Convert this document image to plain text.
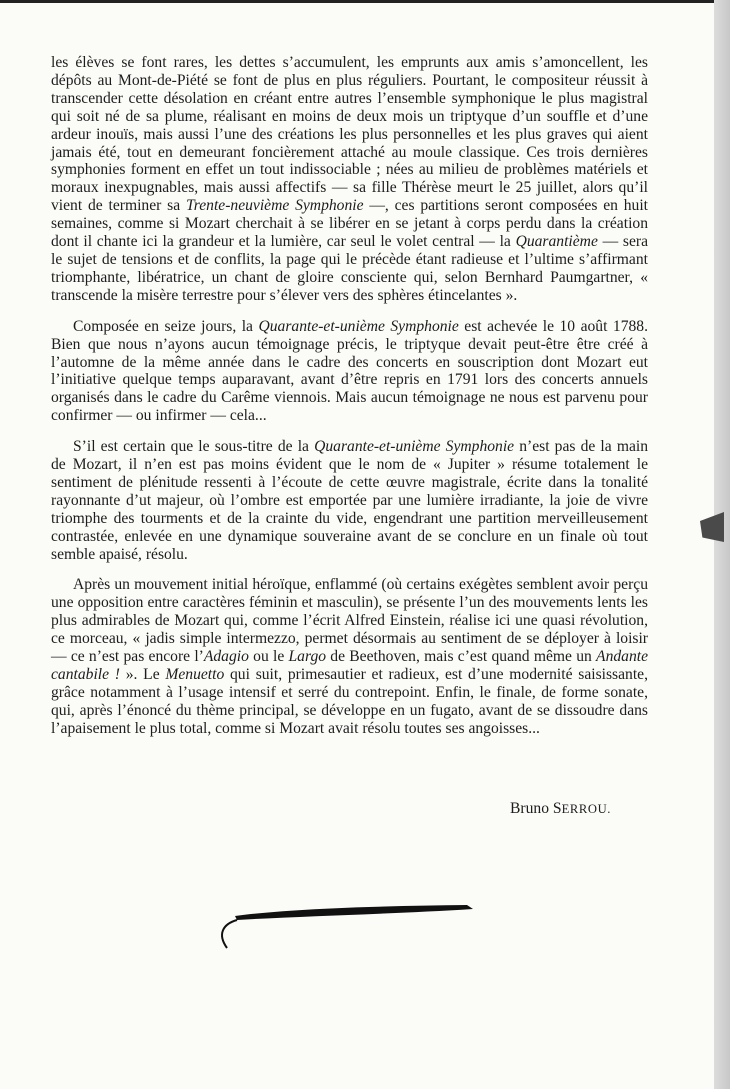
les élèves se font rares, les dettes s’accumulent, les emprunts aux amis s’amoncellent, les dépôts au Mont-de-Piété se font de plus en plus réguliers. Pourtant, le compositeur réussit à transcender cette désolation en créant entre autres l’ensemble symphonique le plus magistral qui soit né de sa plume, réalisant en moins de deux mois un triptyque d’un souffle et d’une ardeur inouïs, mais aussi l’une des créations les plus personnelles et les plus graves qui aient jamais été, tout en demeurant foncièrement attaché au moule classique. Ces trois dernières symphonies forment en effet un tout indissociable ; nées au milieu de problèmes matériels et moraux inexpugnables, mais aussi affectifs — sa fille Thérèse meurt le 25 juillet, alors qu’il vient de terminer sa Trente-neuvième Symphonie —, ces partitions seront composées en huit semaines, comme si Mozart cherchait à se libérer en se jetant à corps perdu dans la création dont il chante ici la grandeur et la lumière, car seul le volet central — la Quarantième — sera le sujet de tensions et de conflits, la page qui le précède étant radieuse et l’ultime s’affirmant triomphante, libératrice, un chant de gloire consciente qui, selon Bernhard Paumgartner, « transcende la misère terrestre pour s’élever vers des sphères étincelantes ».

Composée en seize jours, la Quarante-et-unième Symphonie est achevée le 10 août 1788. Bien que nous n’ayons aucun témoignage précis, le triptyque devait peut-être être créé à l’automne de la même année dans le cadre des concerts en souscription dont Mozart eut l’initiative quelque temps auparavant, avant d’être repris en 1791 lors des concerts annuels organisés dans le cadre du Carême viennois. Mais aucun témoignage ne nous est parvenu pour confirmer — ou infirmer — cela...

S’il est certain que le sous-titre de la Quarante-et-unième Symphonie n’est pas de la main de Mozart, il n’en est pas moins évident que le nom de « Jupiter » résume totalement le sentiment de plénitude ressenti à l’écoute de cette œuvre magistrale, écrite dans la tonalité rayonnante d’ut majeur, où l’ombre est emportée par une lumière irradiante, la joie de vivre triomphe des tourments et de la crainte du vide, engendrant une partition merveilleusement contrastée, enlevée en une dynamique souveraine avant de se conclure en un finale où tout semble apaisé, résolu.

Après un mouvement initial héroïque, enflammé (où certains exégètes semblent avoir perçu une opposition entre caractères féminin et masculin), se présente l’un des mouvements lents les plus admirables de Mozart qui, comme l’écrit Alfred Einstein, réalise ici une quasi révolution, ce morceau, « jadis simple intermezzo, permet désormais au sentiment de se déployer à loisir — ce n’est pas encore l’Adagio ou le Largo de Beethoven, mais c’est quand même un Andante cantabile ! ». Le Menuetto qui suit, primesautier et radieux, est d’une modernité saisissante, grâce notamment à l’usage intensif et serré du contrepoint. Enfin, le finale, de forme sonate, qui, après l’énoncé du thème principal, se développe en un fugato, avant de se dissoudre dans l’apaisement le plus total, comme si Mozart avait résolu toutes ses angoisses...

Bruno SERROU.
